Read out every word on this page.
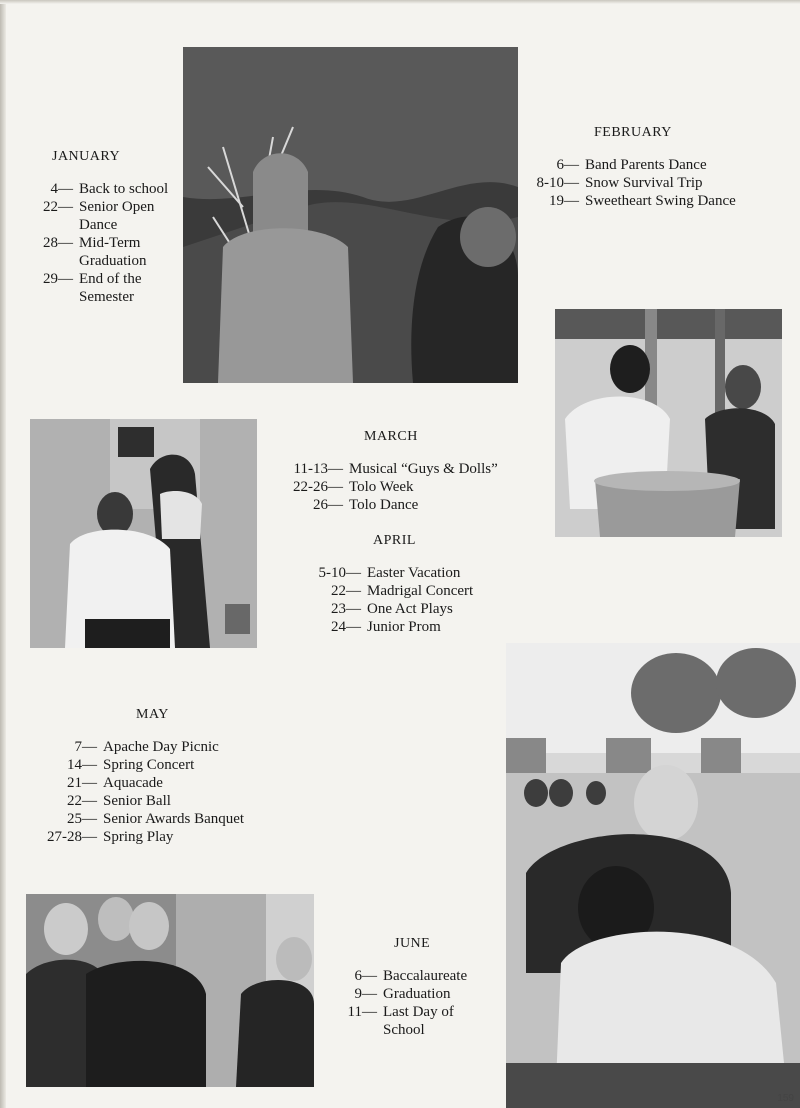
JANUARY
4 — Back to school
22 — Senior Open
Dance
28 — Mid-Term
Graduation
29 — End of the
Semester
FEBRUARY
6 — Band Parents Dance
8-10 — Snow Survival Trip
19 — Sweetheart Swing Dance
MARCH
11-13 — Musical “Guys & Dolls”
22-26 — Tolo Week
26 — Tolo Dance
APRIL
5-10 — Easter Vacation
22 — Madrigal Concert
23 — One Act Plays
24 — Junior Prom
MAY
7 — Apache Day Picnic
14 — Spring Concert
21 — Aquacade
22 — Senior Ball
25 — Senior Awards Banquet
27-28 — Spring Play
JUNE
6 — Baccalaureate
9 — Graduation
11 — Last Day of
School
159
